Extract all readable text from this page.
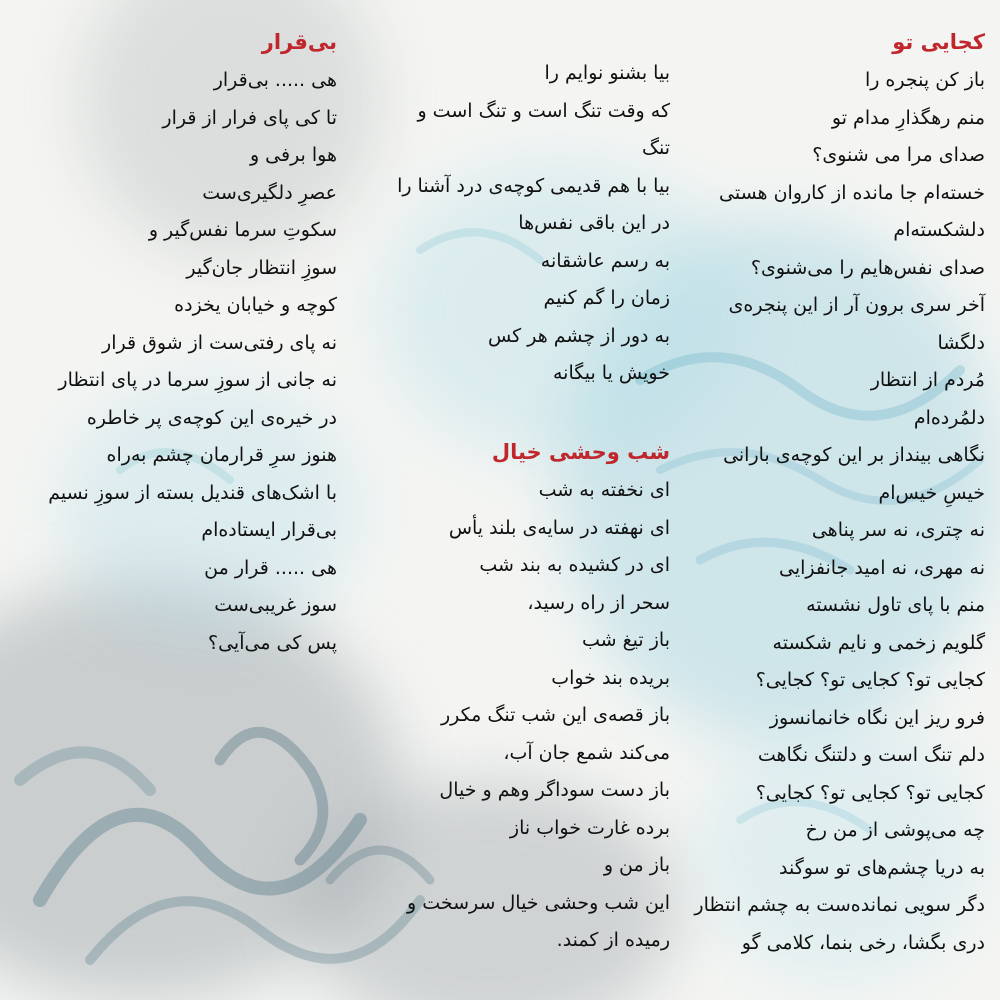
کجایی تو
باز کن پنجره را
منم رهگذارِ مدام تو
صدای مرا می شنوی؟
خسته‌ام جا مانده از کاروان هستی
دلشکسته‌ام
صدای نفس‌هایم را می‌شنوی؟
آخر سری برون آر از این پنجره‌ی
دلگشا
مُردم از انتظار
دلمُرده‌ام
نگاهی بینداز بر این کوچه‌ی بارانی
خیسِ خیس‌ام
نه چتری، نه سر پناهی
نه مهری، نه امید جانفزایی
منم با پای تاول نشسته
گلویم زخمی و نایم شکسته
کجایی تو؟ کجایی تو؟ کجایی؟
فرو ریز این نگاه خانمانسوز
دلم تنگ است و دلتنگ نگاهت
کجایی تو؟ کجایی تو؟ کجایی؟
چه می‌پوشی از من رخ
به دریا چشم‌های تو سوگند
دگر سویی نمانده‌ست به چشم انتظار
دری بگشا، رخی بنما، کلامی گو
بیا بشنو نوایم را
که وقت تنگ است و تنگ است و
تنگ
بیا با هم قدیمی کوچه‌ی درد آشنا را
در این باقی نفس‌ها
به رسم عاشقانه
زمان را گم کنیم
به دور از چشم هر کس
خویش یا بیگانه
شب وحشی خیال
ای نخفته به شب
ای نهفته در سایه‌ی بلند یأس
ای در کشیده به بند شب
سحر از راه رسید،
باز تیغ شب
بریده بند خواب
باز قصه‌ی این شب تنگ مکرر
می‌کند شمع جان آب،
باز دست سوداگر وهم و خیال
برده غارت خواب ناز
باز من و
این شب وحشی خیال سرسخت و
رمیده از کمند.
بی‌قرار
هی ..... بی‌قرار
تا کی پای فرار از قرار
هوا برفی و
عصرِ دلگیری‌ست
سکوتِ سرما نفس‌گیر و
سوزِ انتظار جان‌گیر
کوچه و خیابان یخزده
نه پای رفتی‌ست از شوق قرار
نه جانی از سوزِ سرما در پای انتظار
در خیره‌ی این کوچه‌ی پر خاطره
هنوز سرِ قرارمان چشم به‌راه
با اشک‌های قندیل بسته از سوزِ نسیم
بی‌قرار ایستاده‌ام
هی ..... قرار من
سوز غریبی‌ست
پس کی می‌آیی؟
